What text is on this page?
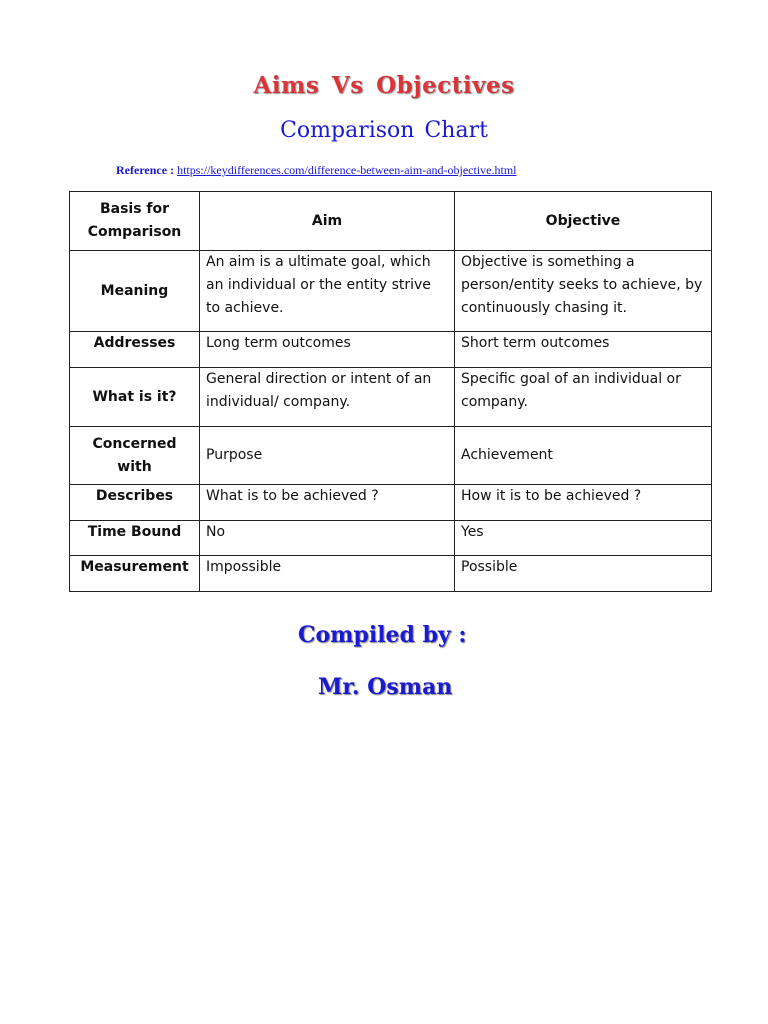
Aims Vs Objectives
Comparison Chart
Reference : https://keydifferences.com/difference-between-aim-and-objective.html
Basis for Comparison	Aim	Objective
Meaning	An aim is a ultimate goal, which an individual or the entity strive to achieve.	Objective is something a person/entity seeks to achieve, by continuously chasing it.
Addresses	Long term outcomes	Short term outcomes
What is it?	General direction or intent of an individual/ company.	Specific goal of an individual or company.
Concerned with	Purpose	Achievement
Describes	What is to be achieved ?	How it is to be achieved ?
Time Bound	No	Yes
Measurement	Impossible	Possible
Compiled by :
Mr. Osman
